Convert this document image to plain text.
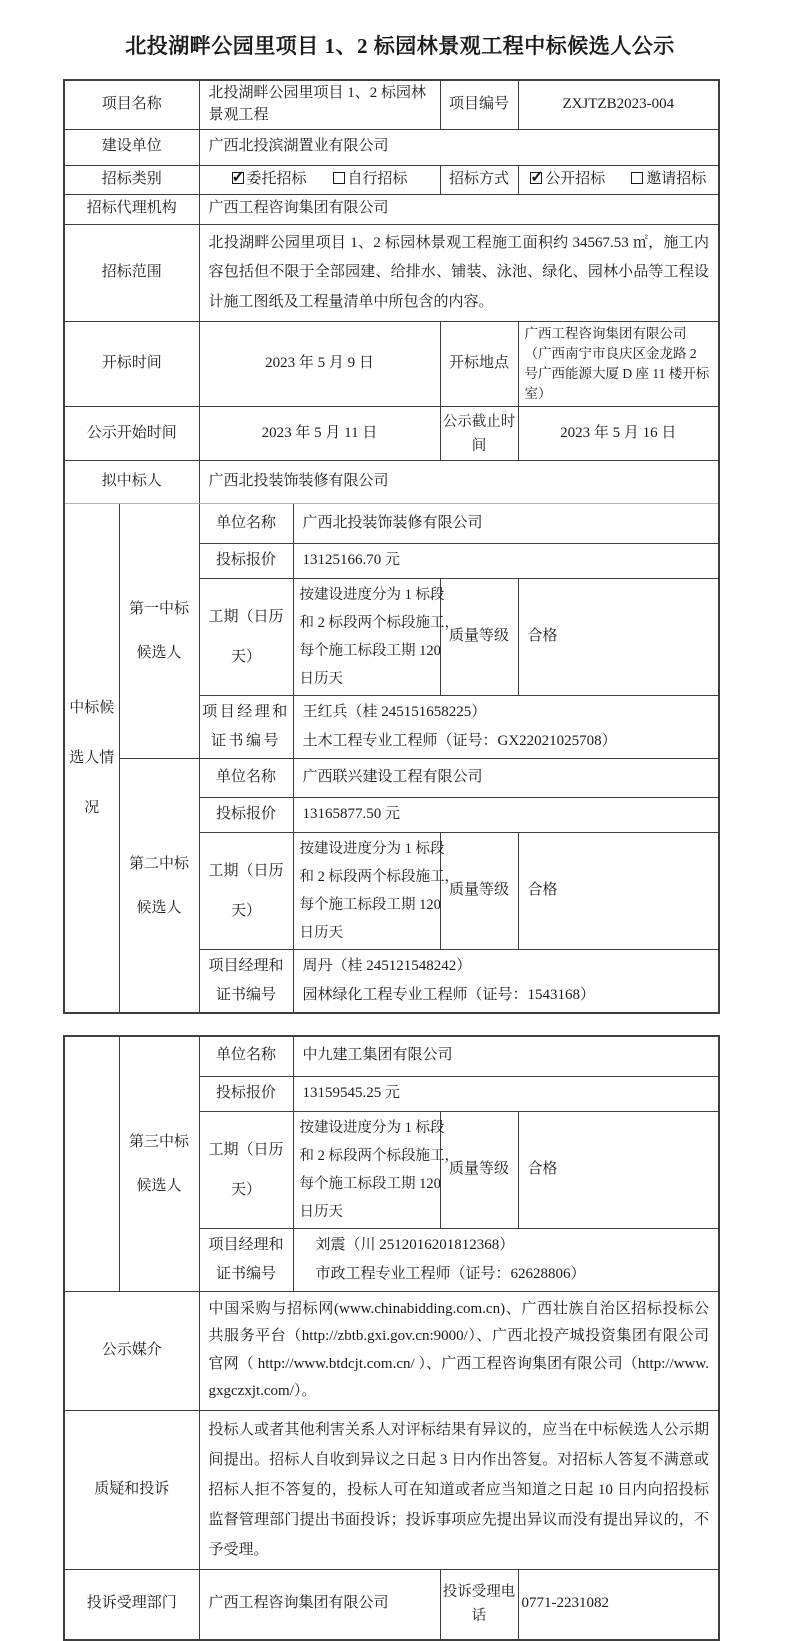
北投湖畔公园里项目 1、2 标园林景观工程中标候选人公示
项目名称		北投湖畔公园里项目 1、2 标园林景观工程		项目编号	ZXJTZB2023-004
建设单位		广西北投滨湖置业有限公司			
招标类别	✓委托招标 自行招标		招标方式	✓公开招标 邀请招标
招标代理机构		广西工程咨询集团有限公司			
招标范围		北投湖畔公园里项目 1、2 标园林景观工程施工面积约 34567.53 ㎡，施工内容包括但不限于全部园建、给排水、铺装、泳池、绿化、园林小品等工程设计施工图纸及工程量清单中所包含的内容。			
开标时间		2023 年 5 月 9 日		开标地点	广西工程咨询集团有限公司（广西南宁市良庆区金龙路 2 号广西能源大厦 D 座 11 楼开标室）
公示开始时间		2023 年 5 月 11 日		公示截止时
间	2023 年 5 月 16 日
拟中标人		广西北投装饰装修有限公司			

中标候
选人情
况	第一中标
候选人	单位名称	广西北投装饰装修有限公司		
		投标报价	13125166.70 元		

		工期（日历
天）	按建设进度分为 1 标段
和 2 标段两个标段施工，
每个施工标段工期 120
日历天	质量等级	合格

		项目经理和
证书编号	王红兵（桂 245151658225）
土木工程专业工程师（证号：GX22021025708）		

	第二中标
候选人	单位名称	广西联兴建设工程有限公司		
		投标报价	13165877.50 元		

		工期（日历
天）	按建设进度分为 1 标段
和 2 标段两个标段施工，
每个施工标段工期 120
日历天	质量等级	合格

		项目经理和
证书编号	周丹（桂 245121548242）
园林绿化工程专业工程师（证号：1543168）		

	第三中标
候选人	单位名称	中九建工集团有限公司		
		投标报价	13159545.25 元		

		工期（日历
天）	按建设进度分为 1 标段
和 2 标段两个标段施工，
每个施工标段工期 120
日历天	质量等级	合格

		项目经理和
证书编号	刘震（川 2512016201812368）
市政工程专业工程师（证号：62628806）		

公示媒介		中国采购与招标网(www.chinabidding.com.cn)、广西壮族自治区招标投标公共服务平台（http://zbtb.gxi.gov.cn:9000/）、广西北投产城投资集团有限公司官网（ http://www.btdcjt.com.cn/ ）、广西工程咨询集团有限公司（http://www.gxgczxjt.com/）。			
质疑和投诉		投标人或者其他利害关系人对评标结果有异议的，应当在中标候选人公示期间提出。招标人自收到异议之日起 3 日内作出答复。对招标人答复不满意或招标人拒不答复的，投标人可在知道或者应当知道之日起 10 日内向招投标监督管理部门提出书面投诉；投诉事项应先提出异议而没有提出异议的，不予受理。			
投诉受理部门		广西工程咨询集团有限公司		投诉受理电
话	0771-2231082
